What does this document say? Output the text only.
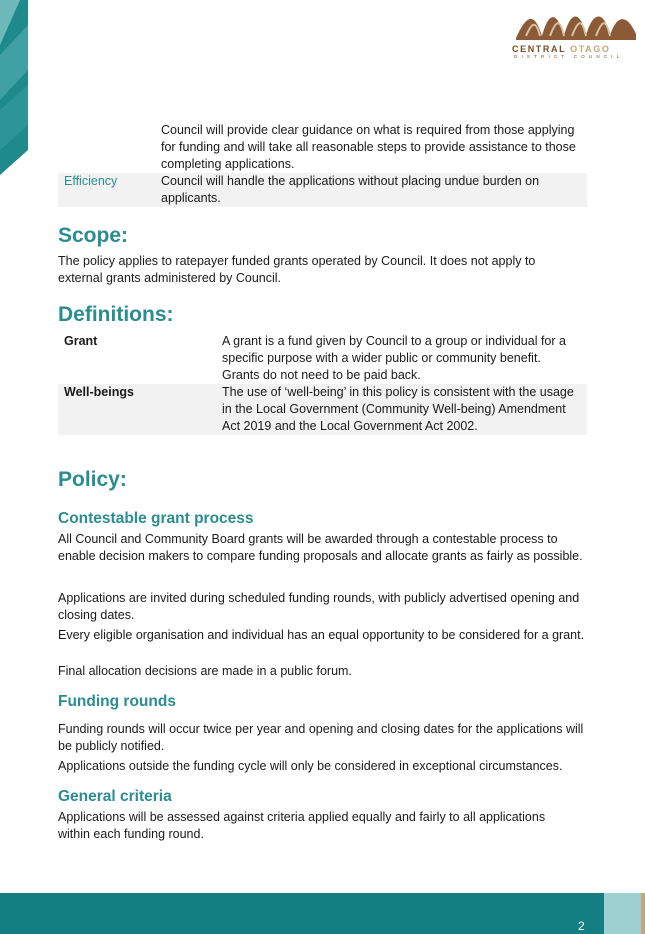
CENTRAL OTAGO
DISTRICT COUNCIL
Council will provide clear guidance on what is required from those applying for funding and will take all reasonable steps to provide assistance to those completing applications.
Efficiency	Council will handle the applications without placing undue burden on applicants.
Scope:

The policy applies to ratepayer funded grants operated by Council. It does not apply to external grants administered by Council.

Definitions:
Grant	A grant is a fund given by Council to a group or individual for a specific purpose with a wider public or community benefit. Grants do not need to be paid back.
Well-beings	The use of ‘well-being’ in this policy is consistent with the usage in the Local Government (Community Well-being) Amendment Act 2019 and the Local Government Act 2002.
Policy:
Contestable grant process

All Council and Community Board grants will be awarded through a contestable process to enable decision makers to compare funding proposals and allocate grants as fairly as possible.

Applications are invited during scheduled funding rounds, with publicly advertised opening and closing dates.

Every eligible organisation and individual has an equal opportunity to be considered for a grant.

Final allocation decisions are made in a public forum.

Funding rounds

Funding rounds will occur twice per year and opening and closing dates for the applications will be publicly notified.

Applications outside the funding cycle will only be considered in exceptional circumstances.

General criteria

Applications will be assessed against criteria applied equally and fairly to all applications within each funding round.

2
